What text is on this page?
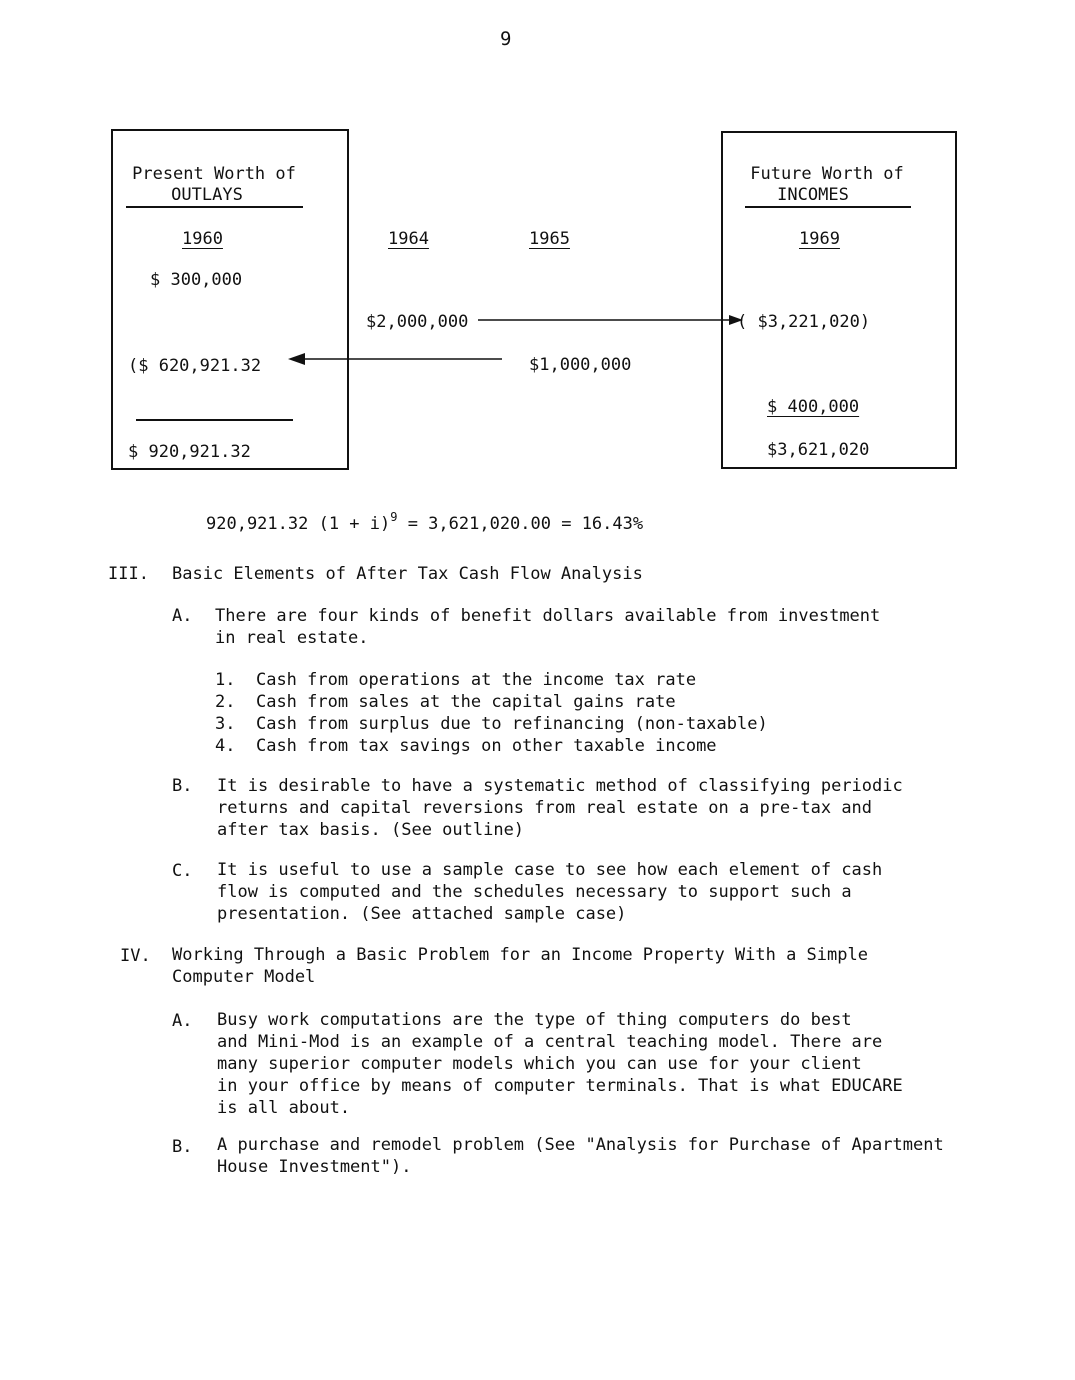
9
Present Worth of
OUTLAYS
1960
$ 300,000
($ 620,921.32
$ 920,921.32
1964	1965
$2,000,000
$1,000,000
Future Worth of
INCOMES
1969
( $3,221,020)
$ 400,000
$3,621,020
920,921.32 $(1 + i)^9 = 3,621,020.00 = 16.43\%$
III. Basic Elements of After Tax Cash Flow Analysis
A. There are four kinds of benefit dollars available from investment
in real estate.
1. Cash from operations at the income tax rate
2. Cash from sales at the capital gains rate
3. Cash from surplus due to refinancing (non-taxable)
4. Cash from tax savings on other taxable income
B. It is desirable to have a systematic method of classifying periodic
returns and capital reversions from real estate on a pre-tax and
after tax basis. (See outline)
C. It is useful to use a sample case to see how each element of cash
flow is computed and the schedules necessary to support such a
presentation. (See attached sample case)
IV. Working Through a Basic Problem for an Income Property With a Simple
Computer Model
A. Busy work computations are the type of thing computers do best
and Mini-Mod is an example of a central teaching model. There are
many superior computer models which you can use for your client
in your office by means of computer terminals. That is what EDUCARE
is all about.
B. A purchase and remodel problem (See "Analysis for Purchase of Apartment
House Investment").
